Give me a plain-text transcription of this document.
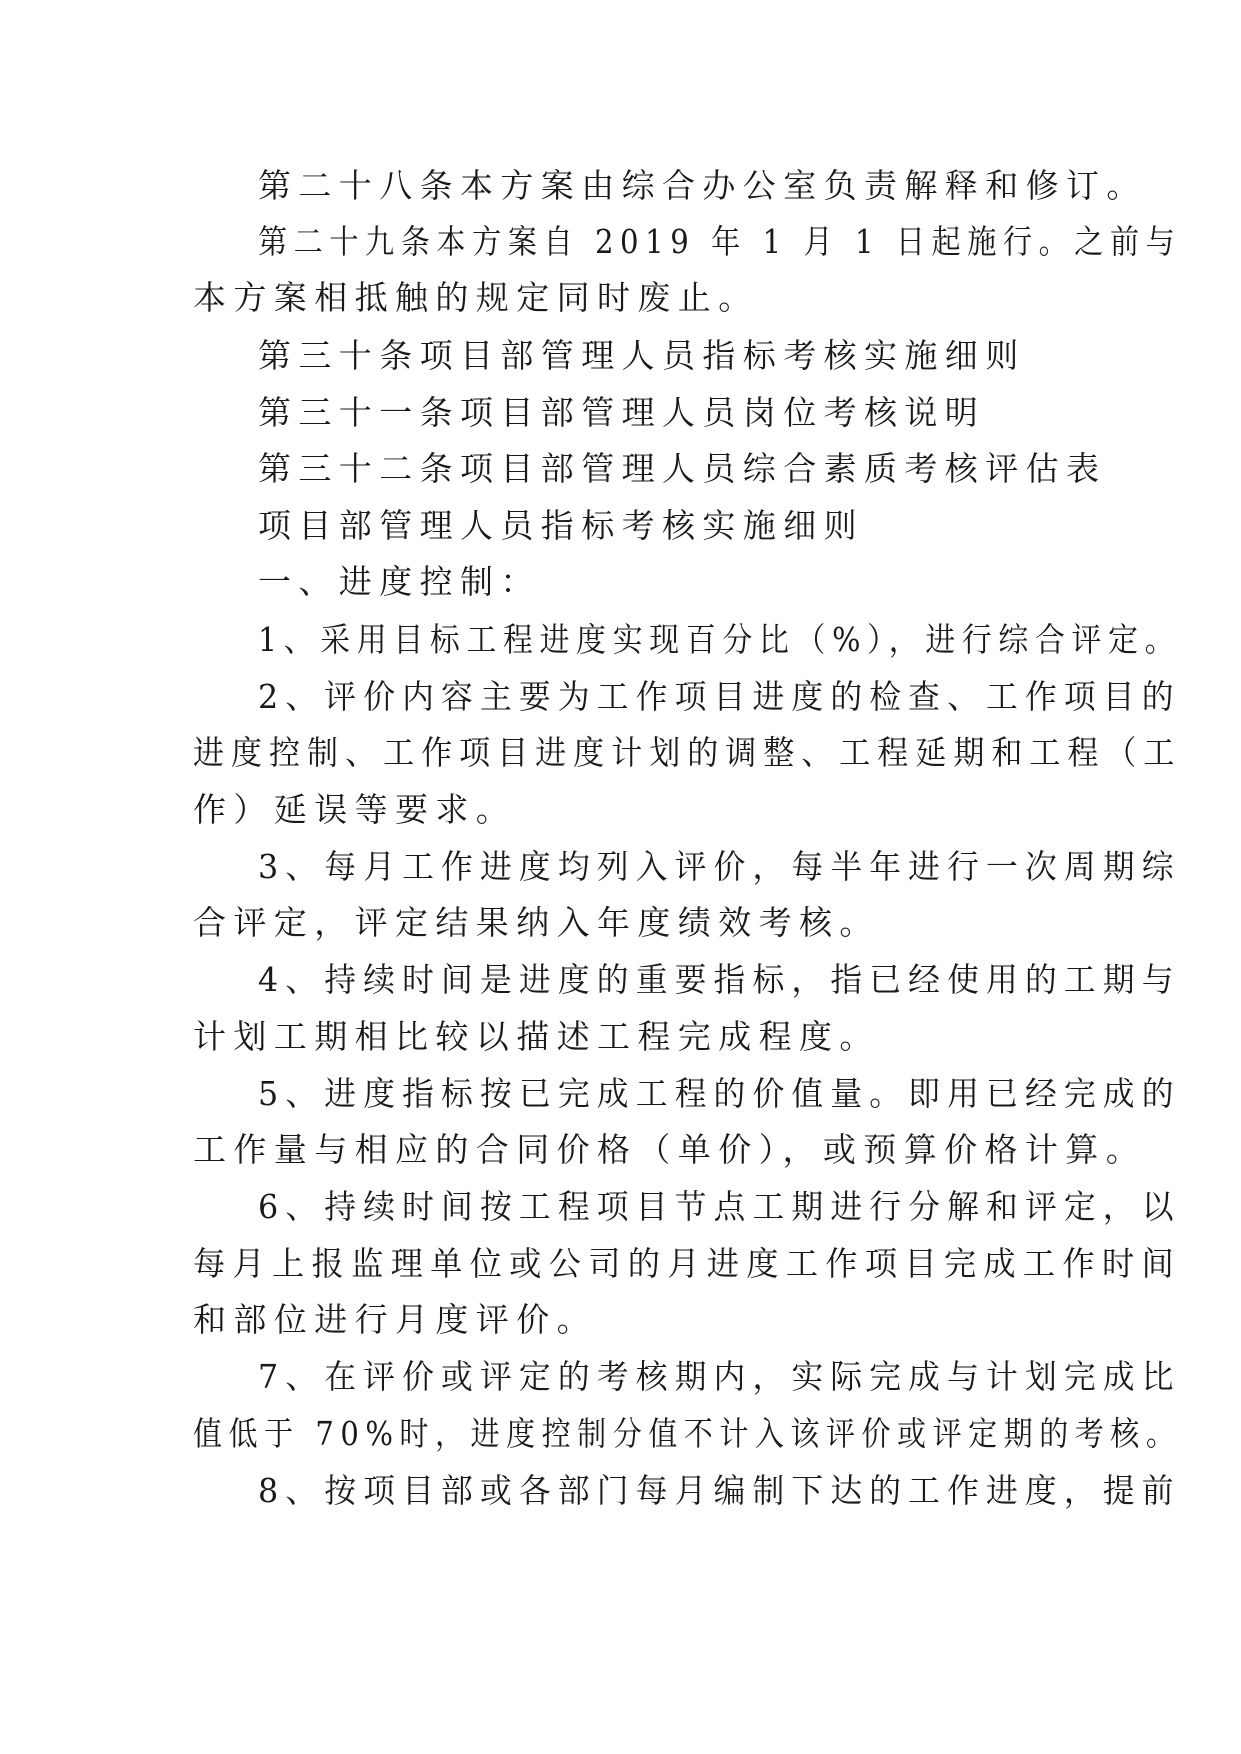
第二十八条本方案由综合办公室负责解释和修订。
第二十九条本方案自 2019 年 1 月 1 日起施行。之前与
本方案相抵触的规定同时废止。
第三十条项目部管理人员指标考核实施细则
第三十一条项目部管理人员岗位考核说明
第三十二条项目部管理人员综合素质考核评估表
项目部管理人员指标考核实施细则
一、进度控制：
1、采用目标工程进度实现百分比（%），进行综合评定。
2、评价内容主要为工作项目进度的检查、工作项目的
进度控制、工作项目进度计划的调整、工程延期和工程（工
作）延误等要求。
3、每月工作进度均列入评价，每半年进行一次周期综
合评定，评定结果纳入年度绩效考核。
4、持续时间是进度的重要指标，指已经使用的工期与
计划工期相比较以描述工程完成程度。
5、进度指标按已完成工程的价值量。即用已经完成的
工作量与相应的合同价格（单价），或预算价格计算。
6、持续时间按工程项目节点工期进行分解和评定，以
每月上报监理单位或公司的月进度工作项目完成工作时间
和部位进行月度评价。
7、在评价或评定的考核期内，实际完成与计划完成比
值低于 70%时，进度控制分值不计入该评价或评定期的考核。
8、按项目部或各部门每月编制下达的工作进度，提前
